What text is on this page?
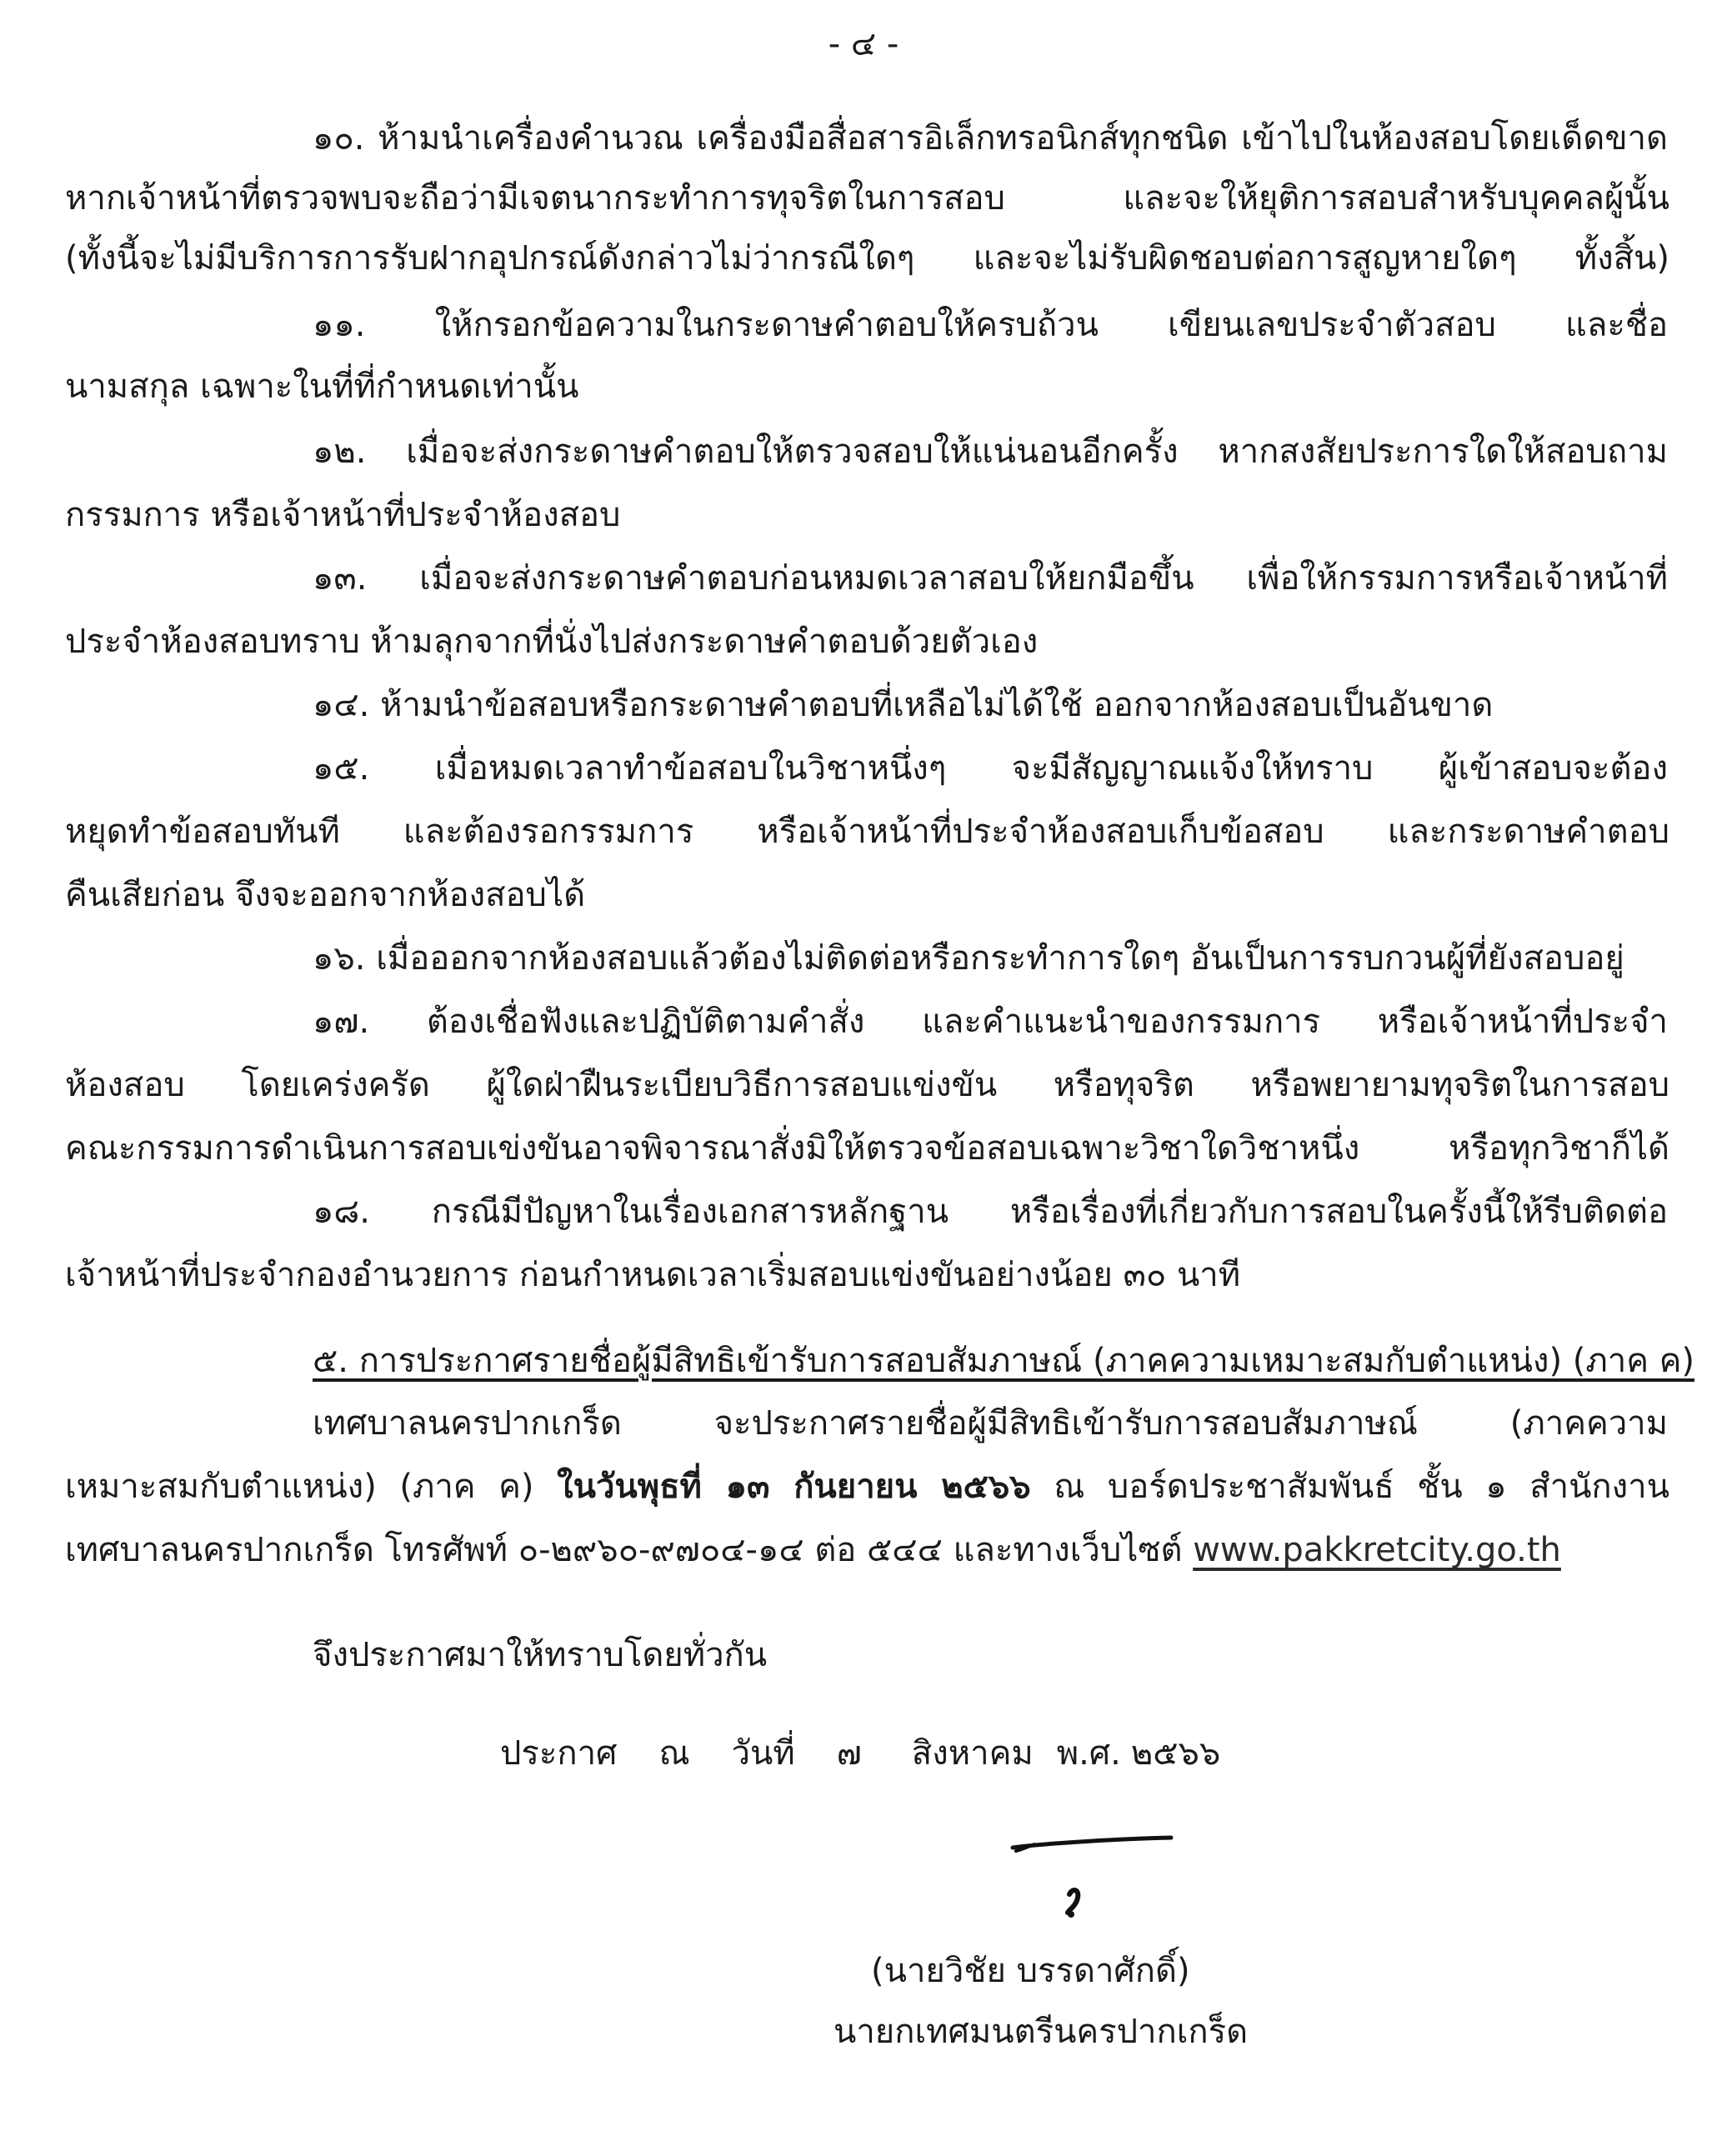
- ๔ -
๑๐. ห้ามนำเครื่องคำนวณ เครื่องมือสื่อสารอิเล็กทรอนิกส์ทุกชนิด เข้าไปในห้องสอบโดยเด็ดขาด
หากเจ้าหน้าที่ตรวจพบจะถือว่ามีเจตนากระทำการทุจริตในการสอบ และจะให้ยุติการสอบสำหรับบุคคลผู้นั้น
(ทั้งนี้จะไม่มีบริการการรับฝากอุปกรณ์ดังกล่าวไม่ว่ากรณีใดๆ และจะไม่รับผิดชอบต่อการสูญหายใดๆ ทั้งสิ้น)
๑๑. ให้กรอกข้อความในกระดาษคำตอบให้ครบถ้วน เขียนเลขประจำตัวสอบ และชื่อ
นามสกุล เฉพาะในที่ที่กำหนดเท่านั้น
๑๒. เมื่อจะส่งกระดาษคำตอบให้ตรวจสอบให้แน่นอนอีกครั้ง หากสงสัยประการใดให้สอบถาม
กรรมการ หรือเจ้าหน้าที่ประจำห้องสอบ
๑๓. เมื่อจะส่งกระดาษคำตอบก่อนหมดเวลาสอบให้ยกมือขึ้น เพื่อให้กรรมการหรือเจ้าหน้าที่
ประจำห้องสอบทราบ ห้ามลุกจากที่นั่งไปส่งกระดาษคำตอบด้วยตัวเอง
๑๔. ห้ามนำข้อสอบหรือกระดาษคำตอบที่เหลือไม่ได้ใช้ ออกจากห้องสอบเป็นอันขาด
๑๕. เมื่อหมดเวลาทำข้อสอบในวิชาหนึ่งๆ จะมีสัญญาณแจ้งให้ทราบ ผู้เข้าสอบจะต้อง
หยุดทำข้อสอบทันที และต้องรอกรรมการ หรือเจ้าหน้าที่ประจำห้องสอบเก็บข้อสอบ และกระดาษคำตอบ
คืนเสียก่อน จึงจะออกจากห้องสอบได้
๑๖. เมื่อออกจากห้องสอบแล้วต้องไม่ติดต่อหรือกระทำการใดๆ อันเป็นการรบกวนผู้ที่ยังสอบอยู่
๑๗. ต้องเชื่อฟังและปฏิบัติตามคำสั่ง และคำแนะนำของกรรมการ หรือเจ้าหน้าที่ประจำ
ห้องสอบ โดยเคร่งครัด ผู้ใดฝ่าฝืนระเบียบวิธีการสอบแข่งขัน หรือทุจริต หรือพยายามทุจริตในการสอบ
คณะกรรมการดำเนินการสอบเข่งขันอาจพิจารณาสั่งมิให้ตรวจข้อสอบเฉพาะวิชาใดวิชาหนึ่ง หรือทุกวิชาก็ได้
๑๘. กรณีมีปัญหาในเรื่องเอกสารหลักฐาน หรือเรื่องที่เกี่ยวกับการสอบในครั้งนี้ให้รีบติดต่อ
เจ้าหน้าที่ประจำกองอำนวยการ ก่อนกำหนดเวลาเริ่มสอบแข่งขันอย่างน้อย ๓๐ นาที
๕. การประกาศรายชื่อผู้มีสิทธิเข้ารับการสอบสัมภาษณ์ (ภาคความเหมาะสมกับตำแหน่ง) (ภาค ค)
เทศบาลนครปากเกร็ด จะประกาศรายชื่อผู้มีสิทธิเข้ารับการสอบสัมภาษณ์ (ภาคความ
เหมาะสมกับตำแหน่ง) (ภาค ค) ในวันพุธที่ ๑๓ กันยายน ๒๕๖๖ ณ บอร์ดประชาสัมพันธ์ ชั้น ๑ สำนักงาน
เทศบาลนครปากเกร็ด โทรศัพท์ ๐-๒๙๖๐-๙๗๐๔-๑๔ ต่อ ๕๔๔ และทางเว็บไซต์ www.pakkretcity.go.th
จึงประกาศมาให้ทราบโดยทั่วกัน
ประกาศ ณ วันที่ ๗ สิงหาคม พ.ศ. ๒๕๖๖
(นายวิชัย บรรดาศักดิ์)
นายกเทศมนตรีนครปากเกร็ด
